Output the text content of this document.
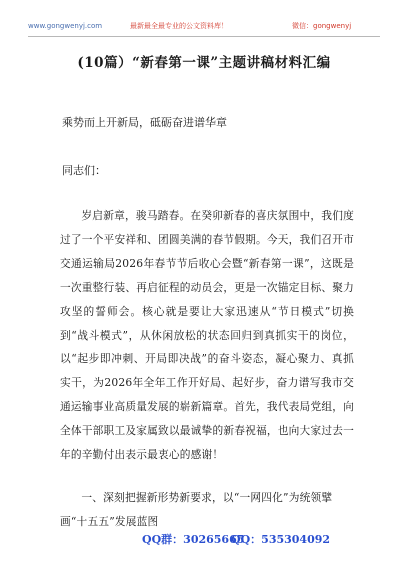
www.gongwenyj.com	最新最全最专业的公文资料库！	微信：gongwenyj
(10篇）“新春第一课”主题讲稿材料汇编
乘势而上开新局，砥砺奋进谱华章
同志们：
岁启新章，骏马踏春。在癸卯新春的喜庆氛围中，我们度过了一个平安祥和、团圆美满的春节假期。今天，我们召开市交通运输局2026年春节节后收心会暨“新春第一课”，这既是一次重整行装、再启征程的动员会，更是一次锚定目标、聚力攻坚的誓师会。核心就是要让大家迅速从“节日模式”切换到“战斗模式”，从休闲放松的状态回归到真抓实干的岗位，以“起步即冲刺、开局即决战”的奋斗姿态，凝心聚力、真抓实干，为2026年全年工作开好局、起好步，奋力谱写我市交通运输事业高质量发展的崭新篇章。首先，我代表局党组，向全体干部职工及家属致以最诚挚的新春祝福，也向大家过去一年的辛勤付出表示最衷心的感谢！
一、深刻把握新形势新要求，以“一网四化”为统领擘画“十五五”发展蓝图
QQ群：30265665
QQ：535304092
